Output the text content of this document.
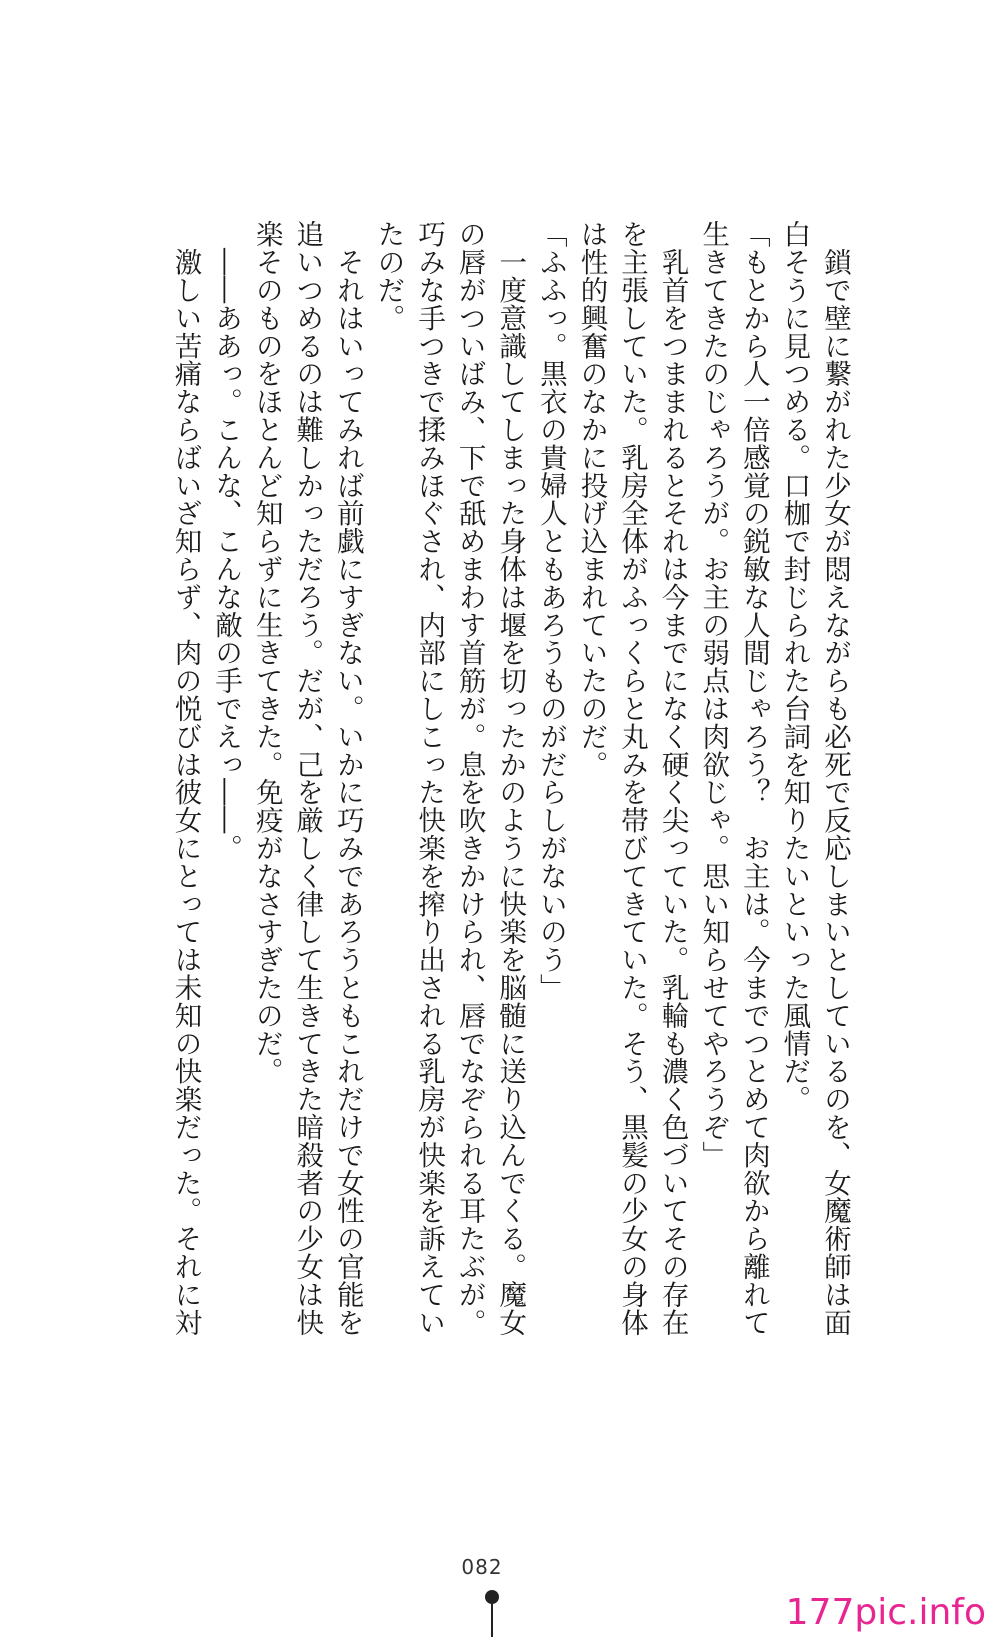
　鎖で壁に繋がれた少女が悶えながらも必死で反応しまいとしているのを、女魔術師は面

白そうに見つめる。口枷で封じられた台詞を知りたいといった風情だ。

「もとから人一倍感覚の鋭敏な人間じゃろう？　お主は。今までつとめて肉欲から離れて

生きてきたのじゃろうが。お主の弱点は肉欲じゃ。思い知らせてやろうぞ」

　乳首をつままれるとそれは今までになく硬く尖っていた。乳輪も濃く色づいてその存在

を主張していた。乳房全体がふっくらと丸みを帯びてきていた。そう、黒髪の少女の身体

は性的興奮のなかに投げ込まれていたのだ。

「ふふっ。黒衣の貴婦人ともあろうものがだらしがないのう」

　一度意識してしまった身体は堰を切ったかのように快楽を脳髄に送り込んでくる。魔女

の唇がついばみ、下で舐めまわす首筋が。息を吹きかけられ、唇でなぞられる耳たぶが。

巧みな手つきで揉みほぐされ、内部にしこった快楽を搾り出される乳房が快楽を訴えてい

たのだ。

　それはいってみれば前戯にすぎない。いかに巧みであろうともこれだけで女性の官能を

追いつめるのは難しかっただろう。だが、己を厳しく律して生きてきた暗殺者の少女は快

楽そのものをほとんど知らずに生きてきた。免疫がなさすぎたのだ。

　――ああっ。こんな、こんな敵の手でえっ――。

　激しい苦痛ならばいざ知らず、肉の悦びは彼女にとっては未知の快楽だった。それに対

082
177pic.info
